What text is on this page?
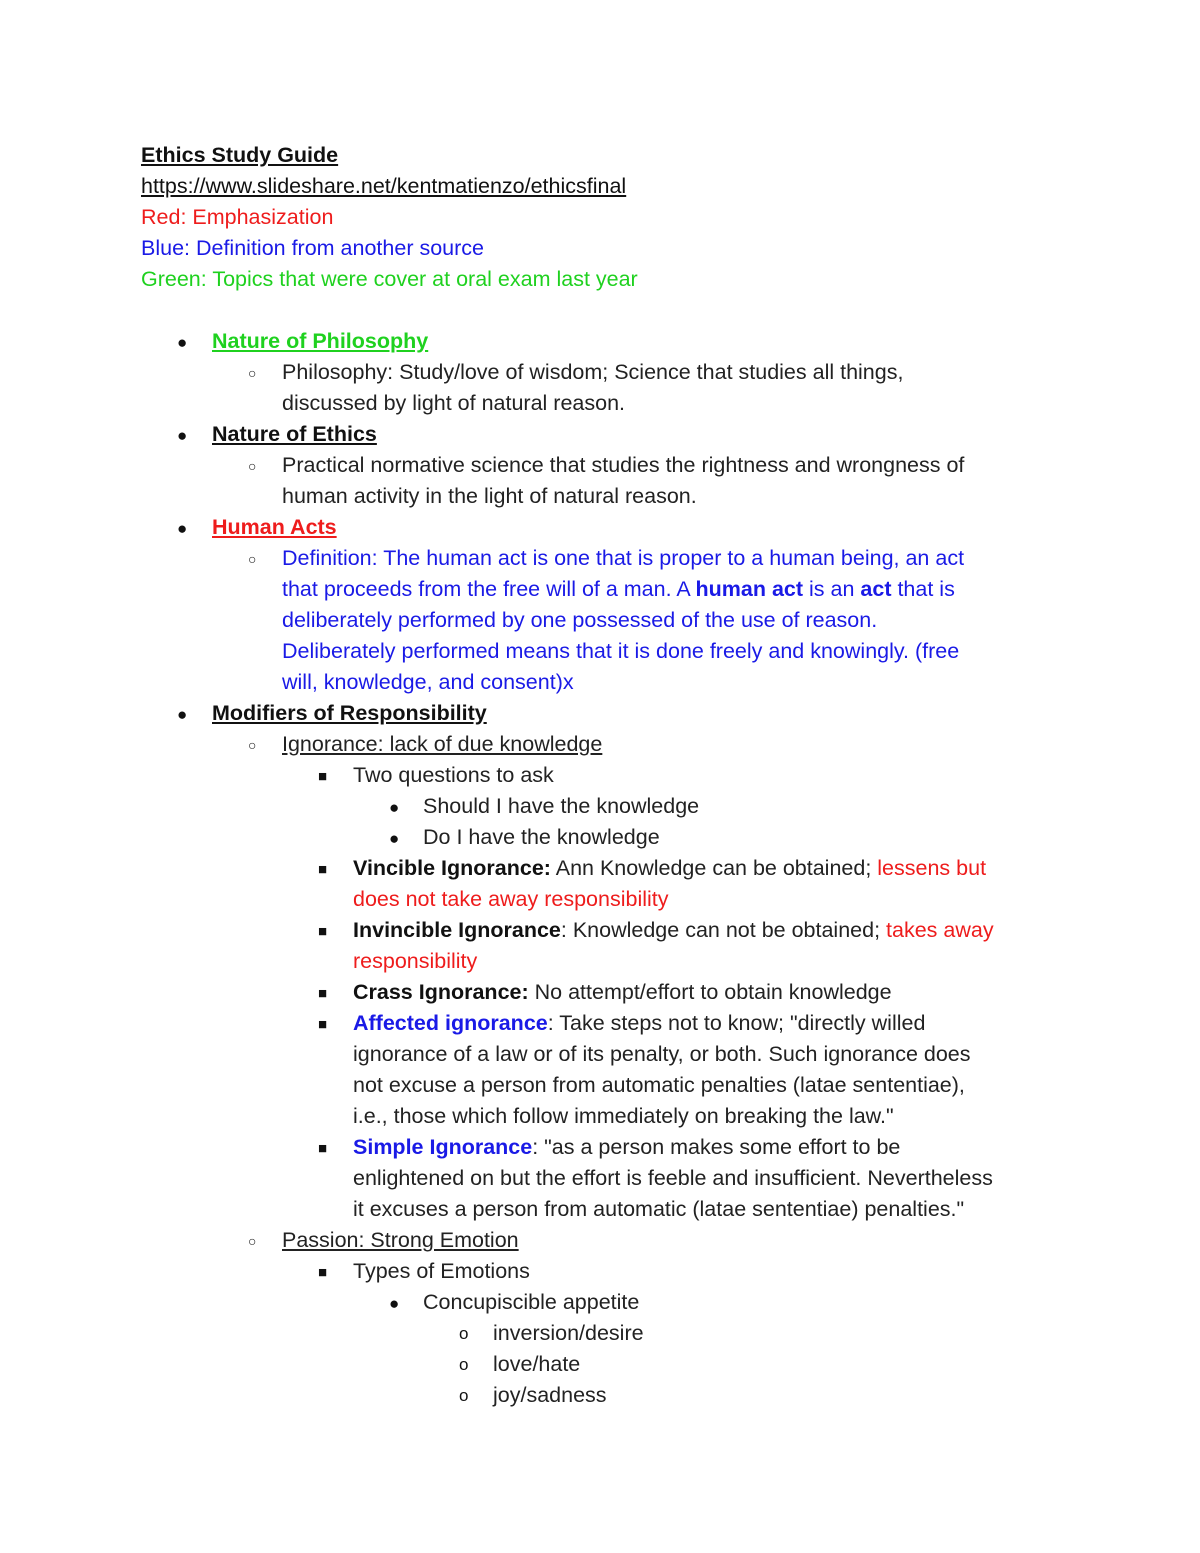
Ethics Study Guide
https://www.slideshare.net/kentmatienzo/ethicsfinal
Red: Emphasization
Blue: Definition from another source
Green: Topics that were cover at oral exam last year
● Nature of Philosophy
○ Philosophy: Study/love of wisdom; Science that studies all things,
discussed by light of natural reason.
● Nature of Ethics
○ Practical normative science that studies the rightness and wrongness of
human activity in the light of natural reason.
● Human Acts
○ Definition: The human act is one that is proper to a human being, an act
that proceeds from the free will of a man. A human act is an act that is
deliberately performed by one possessed of the use of reason.
Deliberately performed means that it is done freely and knowingly. (free
will, knowledge, and consent)x
● Modifiers of Responsibility
○ Ignorance: lack of due knowledge
■ Two questions to ask
● Should I have the knowledge
● Do I have the knowledge
■ Vincible Ignorance: Ann Knowledge can be obtained; lessens but
does not take away responsibility
■ Invincible Ignorance: Knowledge can not be obtained; takes away
responsibility
■ Crass Ignorance: No attempt/effort to obtain knowledge
■ Affected ignorance: Take steps not to know; "directly willed
ignorance of a law or of its penalty, or both. Such ignorance does
not excuse a person from automatic penalties (latae sententiae),
i.e., those which follow immediately on breaking the law."
■ Simple Ignorance: "as a person makes some effort to be
enlightened on but the effort is feeble and insufficient. Nevertheless
it excuses a person from automatic (latae sententiae) penalties."
○ Passion: Strong Emotion
■ Types of Emotions
● Concupiscible appetite
o inversion/desire
o love/hate
o joy/sadness
